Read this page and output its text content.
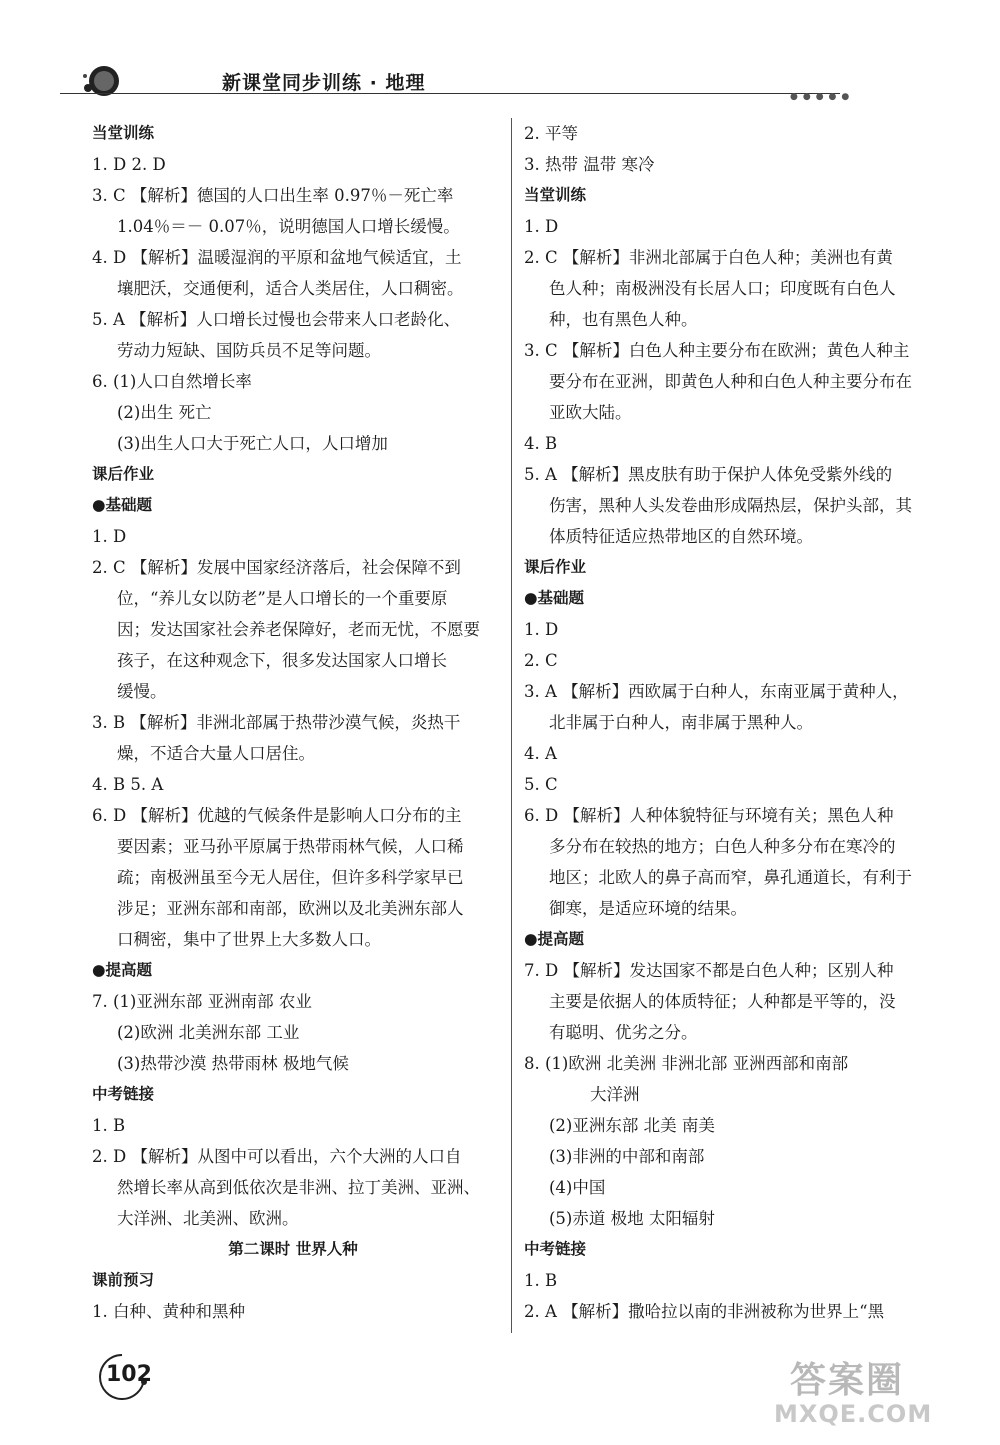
新课堂同步训练 · 地理
●●●●●
当堂训练
1. D 2. D
3. C 【解析】德国的人口出生率 0.97％－死亡率
1.04％＝－ 0.07％，说明德国人口增长缓慢。
4. D 【解析】温暖湿润的平原和盆地气候适宜，土
壤肥沃，交通便利，适合人类居住，人口稠密。
5. A 【解析】人口增长过慢也会带来人口老龄化、
劳动力短缺、国防兵员不足等问题。
6. (1)人口自然增长率
(2)出生 死亡
(3)出生人口大于死亡人口，人口增加
课后作业
●基础题
1. D
2. C 【解析】发展中国家经济落后，社会保障不到
位，“养儿女以防老”是人口增长的一个重要原
因；发达国家社会养老保障好，老而无忧，不愿要
孩子，在这种观念下，很多发达国家人口增长
缓慢。
3. B 【解析】非洲北部属于热带沙漠气候，炎热干
燥，不适合大量人口居住。
4. B 5. A
6. D 【解析】优越的气候条件是影响人口分布的主
要因素；亚马孙平原属于热带雨林气候，人口稀
疏；南极洲虽至今无人居住，但许多科学家早已
涉足；亚洲东部和南部，欧洲以及北美洲东部人
口稠密，集中了世界上大多数人口。
●提高题
7. (1)亚洲东部 亚洲南部 农业
(2)欧洲 北美洲东部 工业
(3)热带沙漠 热带雨林 极地气候
中考链接
1. B
2. D 【解析】从图中可以看出，六个大洲的人口自
然增长率从高到低依次是非洲、拉丁美洲、亚洲、
大洋洲、北美洲、欧洲。
第二课时 世界人种
课前预习
1. 白种、黄种和黑种
2. 平等
3. 热带 温带 寒冷
当堂训练
1. D
2. C 【解析】非洲北部属于白色人种；美洲也有黄
色人种；南极洲没有长居人口；印度既有白色人
种，也有黑色人种。
3. C 【解析】白色人种主要分布在欧洲；黄色人种主
要分布在亚洲，即黄色人种和白色人种主要分布在
亚欧大陆。
4. B
5. A 【解析】黑皮肤有助于保护人体免受紫外线的
伤害，黑种人头发卷曲形成隔热层，保护头部，其
体质特征适应热带地区的自然环境。
课后作业
●基础题
1. D
2. C
3. A 【解析】西欧属于白种人，东南亚属于黄种人，
北非属于白种人，南非属于黑种人。
4. A
5. C
6. D 【解析】人种体貌特征与环境有关；黑色人种
多分布在较热的地方；白色人种多分布在寒冷的
地区；北欧人的鼻子高而窄，鼻孔通道长，有利于
御寒，是适应环境的结果。
●提高题
7. D 【解析】发达国家不都是白色人种；区别人种
主要是依据人的体质特征；人种都是平等的，没
有聪明、优劣之分。
8. (1)欧洲 北美洲 非洲北部 亚洲西部和南部
大洋洲
(2)亚洲东部 北美 南美
(3)非洲的中部和南部
(4)中国
(5)赤道 极地 太阳辐射
中考链接
1. B
2. A 【解析】撒哈拉以南的非洲被称为世界上“黑
102	答案圈
MXQE.COM
